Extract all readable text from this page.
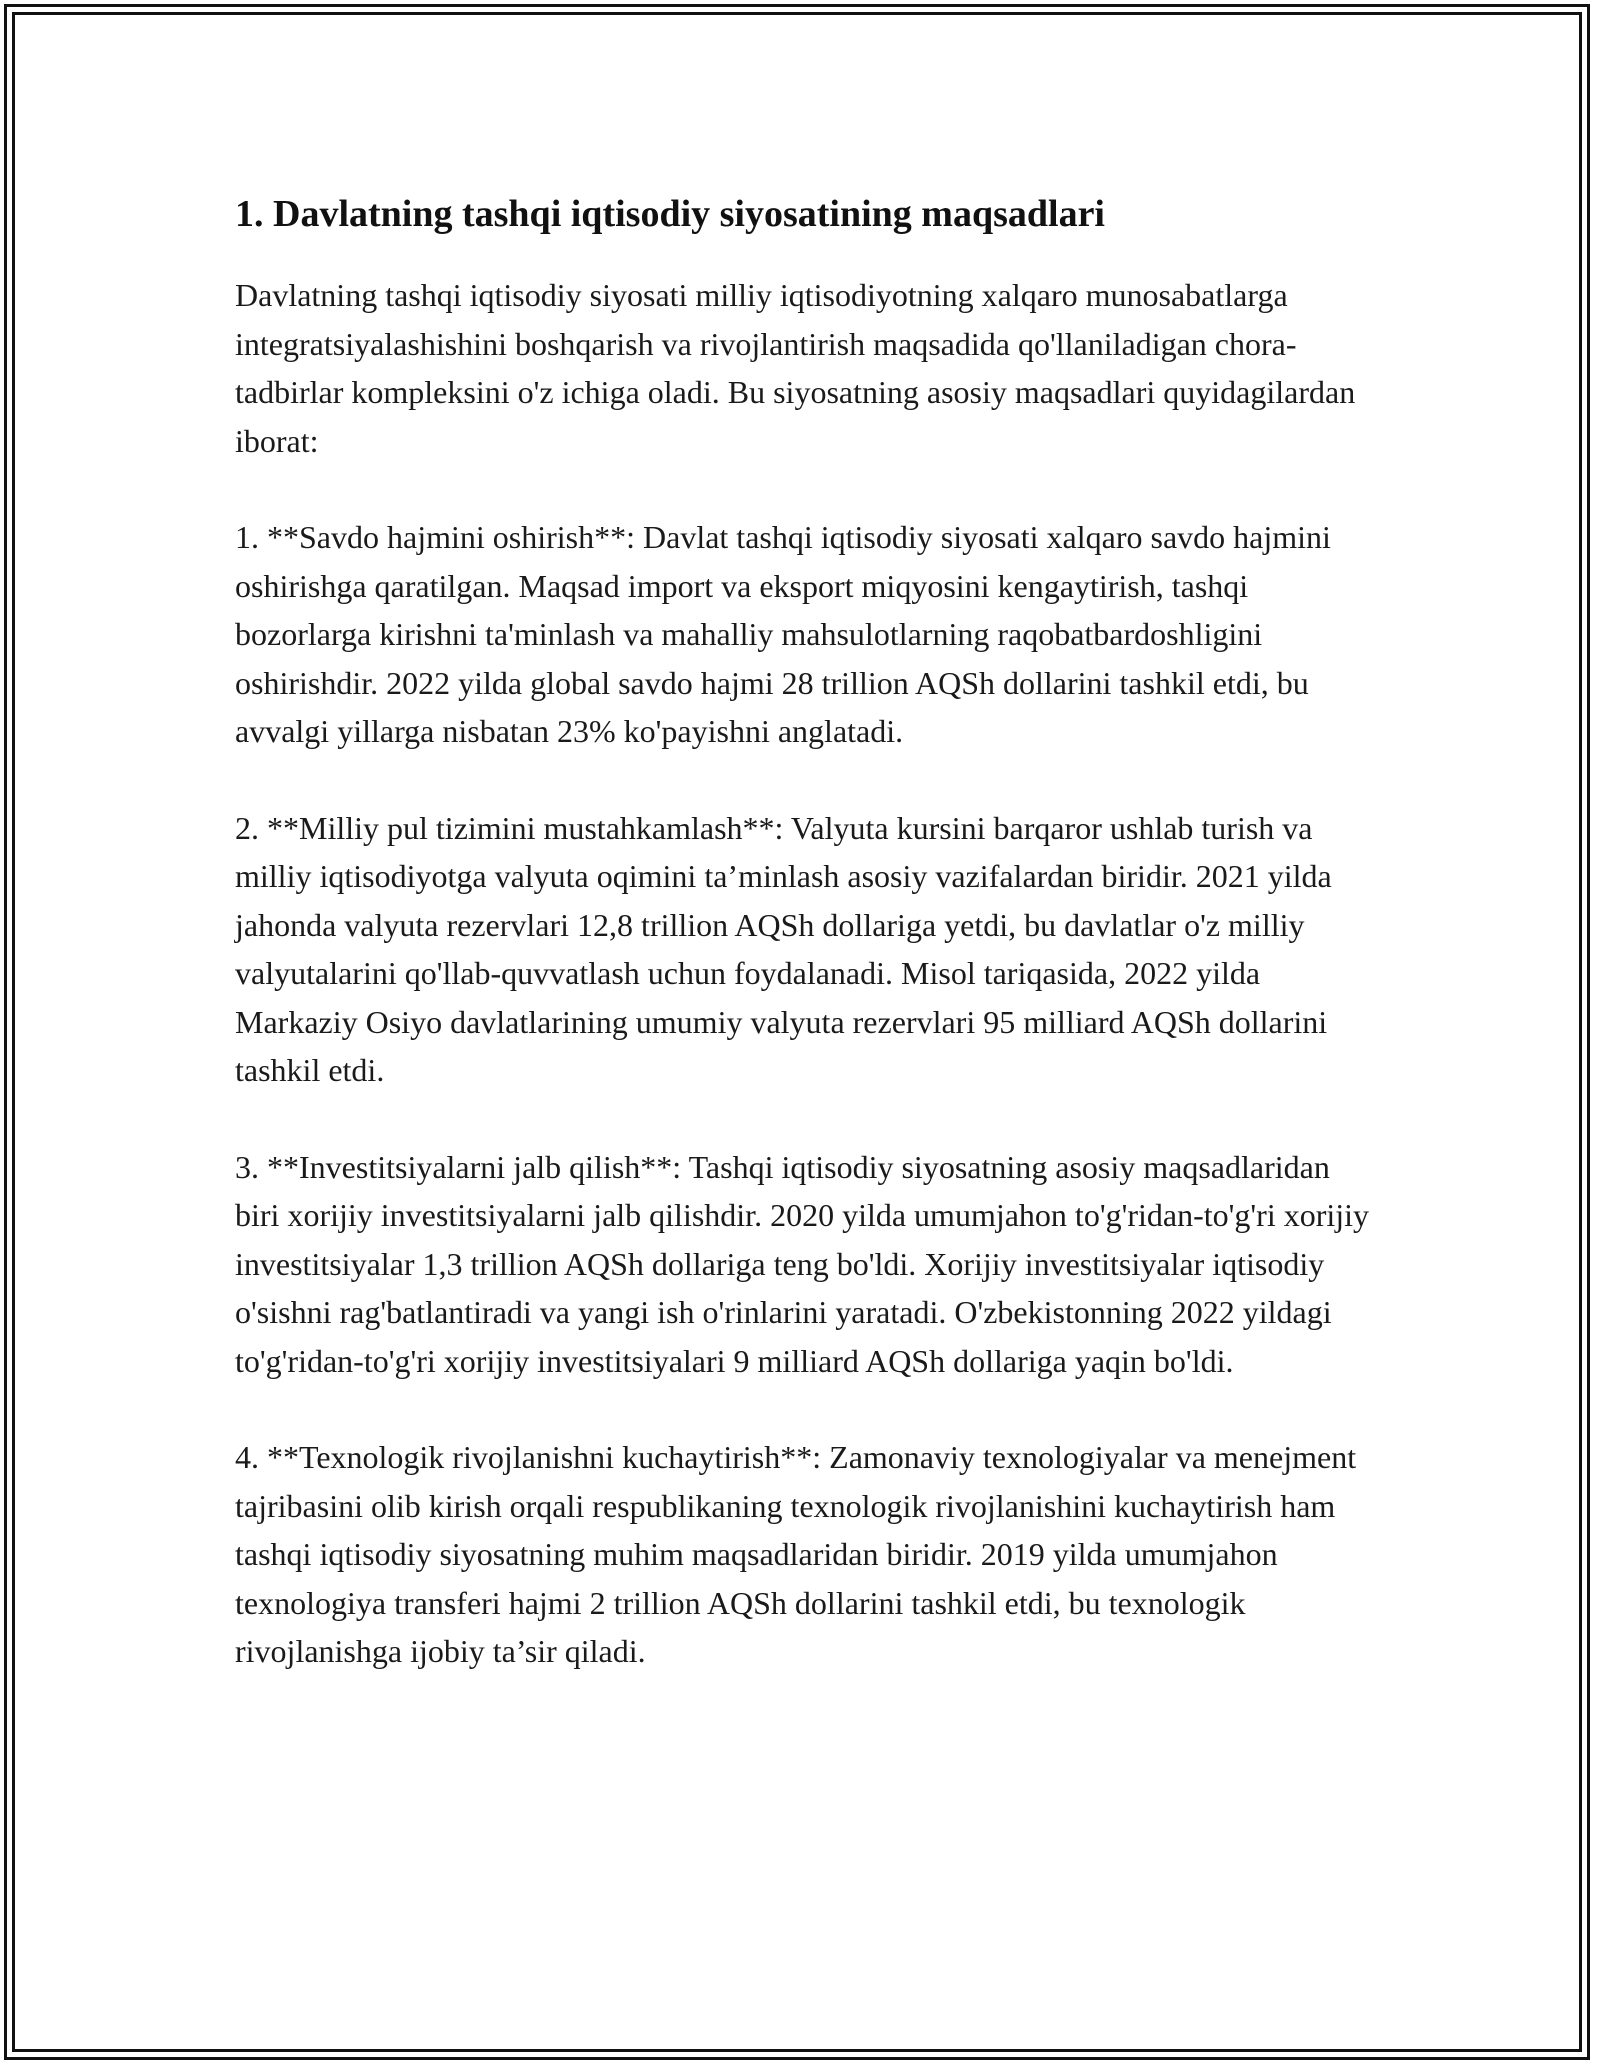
1. Davlatning tashqi iqtisodiy siyosatining maqsadlari

Davlatning tashqi iqtisodiy siyosati milliy iqtisodiyotning xalqaro munosabatlarga integratsiyalashishini boshqarish va rivojlantirish maqsadida qo'llaniladigan chora-tadbirlar kompleksini o'z ichiga oladi. Bu siyosatning asosiy maqsadlari quyidagilardan iborat:

1. **Savdo hajmini oshirish**: Davlat tashqi iqtisodiy siyosati xalqaro savdo hajmini oshirishga qaratilgan. Maqsad import va eksport miqyosini kengaytirish, tashqi bozorlarga kirishni ta'minlash va mahalliy mahsulotlarning raqobatbardoshligini oshirishdir. 2022 yilda global savdo hajmi 28 trillion AQSh dollarini tashkil etdi, bu avvalgi yillarga nisbatan 23% ko'payishni anglatadi.

2. **Milliy pul tizimini mustahkamlash**: Valyuta kursini barqaror ushlab turish va milliy iqtisodiyotga valyuta oqimini ta’minlash asosiy vazifalardan biridir. 2021 yilda jahonda valyuta rezervlari 12,8 trillion AQSh dollariga yetdi, bu davlatlar o'z milliy valyutalarini qo'llab-quvvatlash uchun foydalanadi. Misol tariqasida, 2022 yilda Markaziy Osiyo davlatlarining umumiy valyuta rezervlari 95 milliard AQSh dollarini tashkil etdi.

3. **Investitsiyalarni jalb qilish**: Tashqi iqtisodiy siyosatning asosiy maqsadlaridan biri xorijiy investitsiyalarni jalb qilishdir. 2020 yilda umumjahon to'g'ridan-to'g'ri xorijiy investitsiyalar 1,3 trillion AQSh dollariga teng bo'ldi. Xorijiy investitsiyalar iqtisodiy o'sishni rag'batlantiradi va yangi ish o'rinlarini yaratadi. O'zbekistonning 2022 yildagi to'g'ridan-to'g'ri xorijiy investitsiyalari 9 milliard AQSh dollariga yaqin bo'ldi.

4. **Texnologik rivojlanishni kuchaytirish**: Zamonaviy texnologiyalar va menejment tajribasini olib kirish orqali respublikaning texnologik rivojlanishini kuchaytirish ham tashqi iqtisodiy siyosatning muhim maqsadlaridan biridir. 2019 yilda umumjahon texnologiya transferi hajmi 2 trillion AQSh dollarini tashkil etdi, bu texnologik rivojlanishga ijobiy ta’sir qiladi.
